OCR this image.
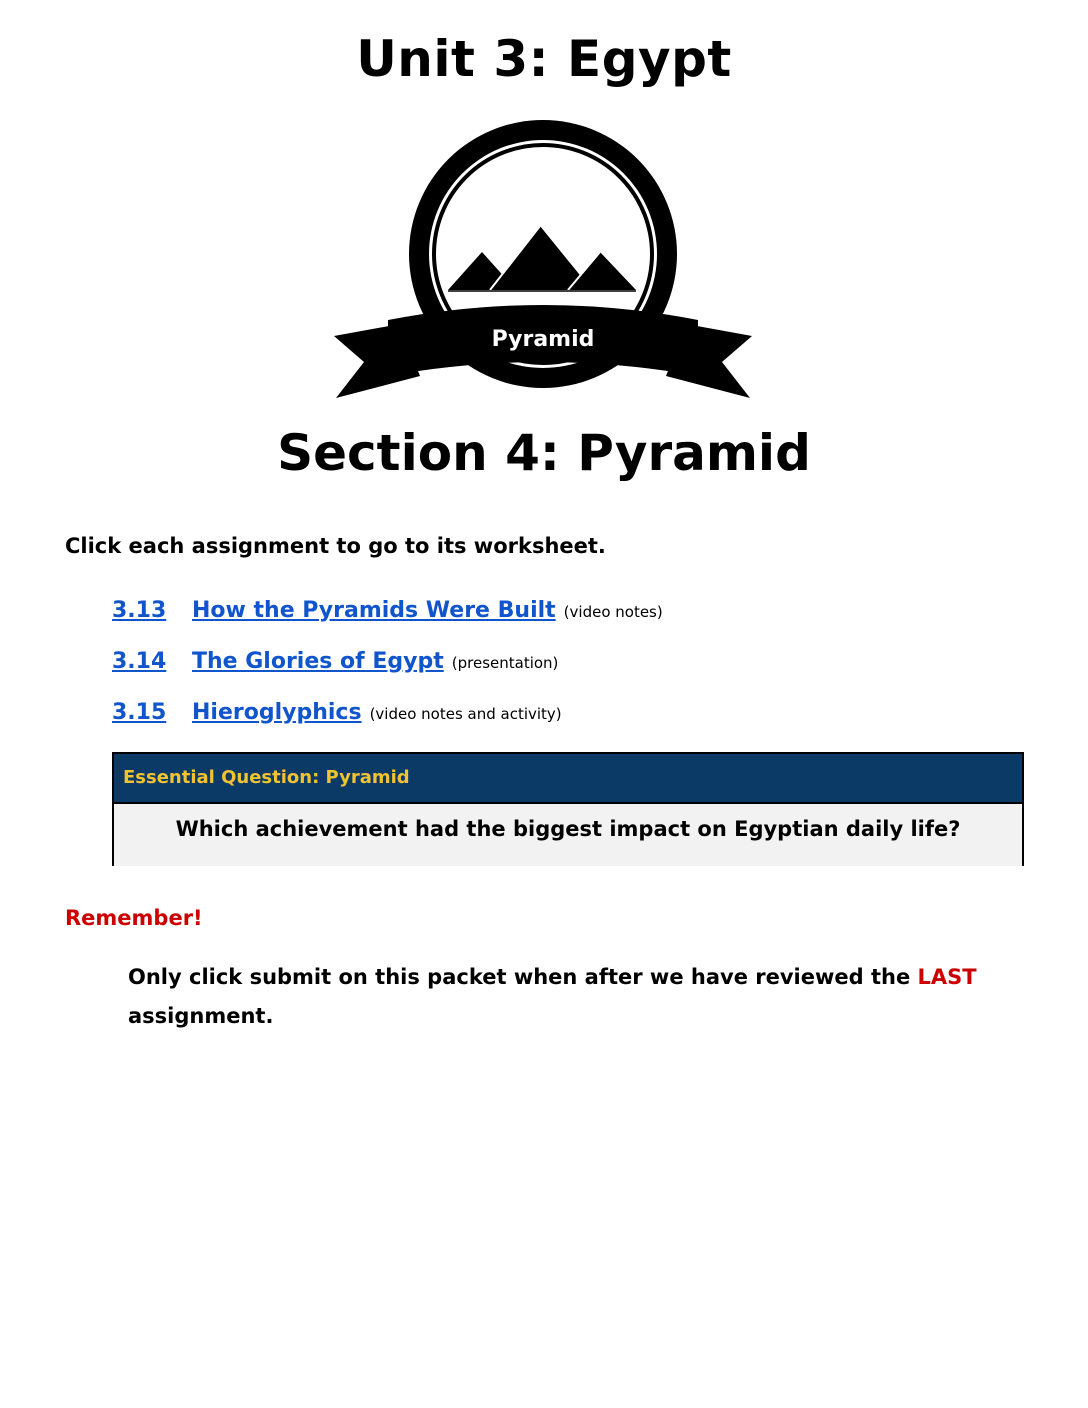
Unit 3: Egypt
Pyramid
Section 4: Pyramid
Click each assignment to go to its worksheet.
3.13	How the Pyramids Were Built (video notes)
3.14	The Glories of Egypt (presentation)
3.15	Hieroglyphics (video notes and activity)
Essential Question: Pyramid
Which achievement had the biggest impact on Egyptian daily life?
Remember!
Only click submit on this packet when after we have reviewed the LAST
assignment.
